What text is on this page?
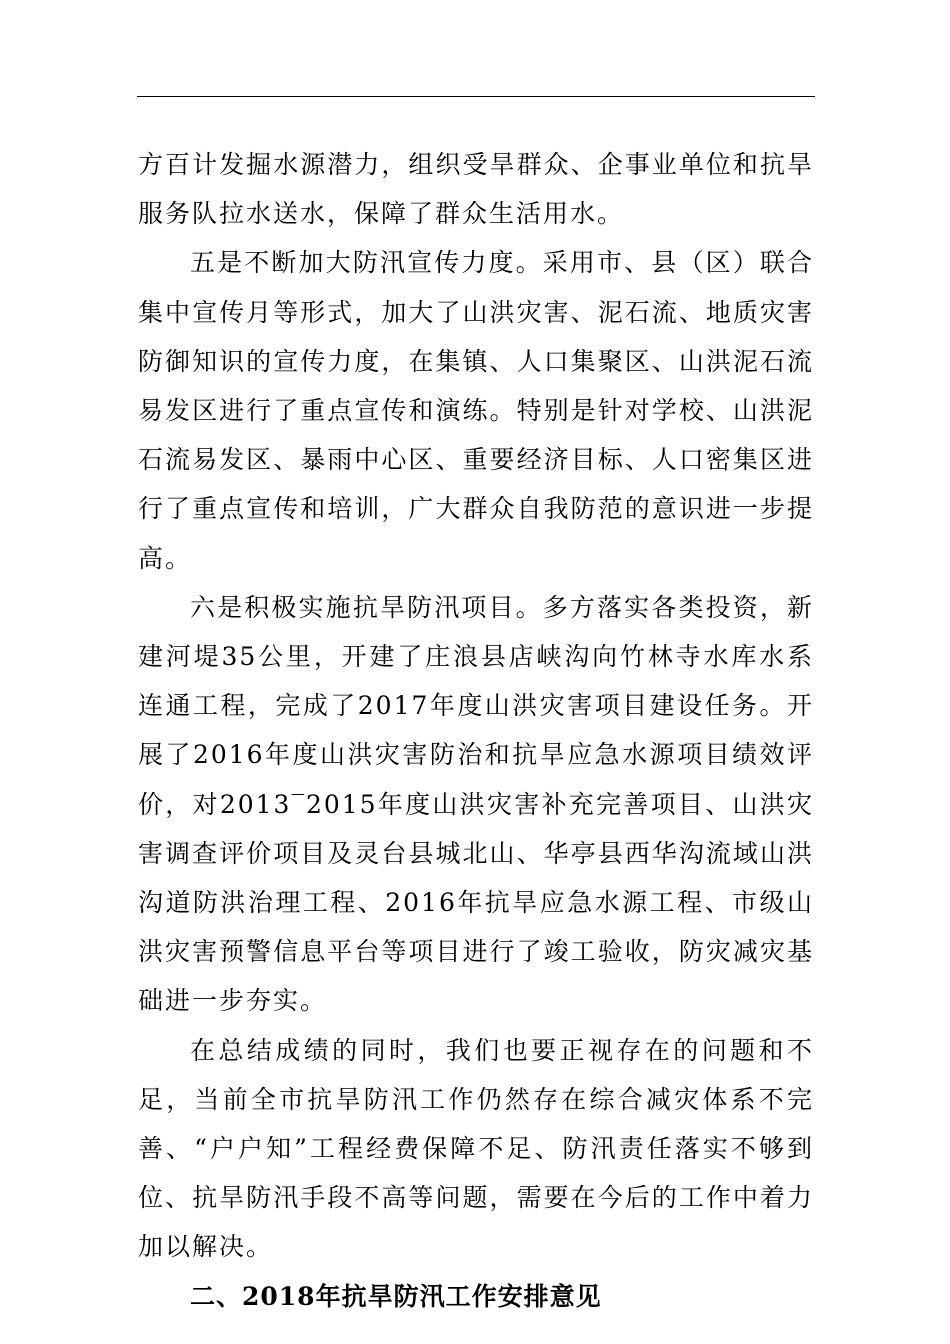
方百计发掘水源潜力，组织受旱群众、企事业单位和抗旱服务队拉水送水，保障了群众生活用水。

五是不断加大防汛宣传力度。采用市、县（区）联合集中宣传月等形式，加大了山洪灾害、泥石流、地质灾害防御知识的宣传力度，在集镇、人口集聚区、山洪泥石流易发区进行了重点宣传和演练。特别是针对学校、山洪泥石流易发区、暴雨中心区、重要经济目标、人口密集区进行了重点宣传和培训，广大群众自我防范的意识进一步提高。

六是积极实施抗旱防汛项目。多方落实各类投资，新建河堤35公里，开建了庄浪县店峡沟向竹林寺水库水系连通工程，完成了2017年度山洪灾害项目建设任务。开展了2016年度山洪灾害防治和抗旱应急水源项目绩效评价，对2013‾2015年度山洪灾害补充完善项目、山洪灾害调查评价项目及灵台县城北山、华亭县西华沟流域山洪沟道防洪治理工程、2016年抗旱应急水源工程、市级山洪灾害预警信息平台等项目进行了竣工验收，防灾减灾基础进一步夯实。

在总结成绩的同时，我们也要正视存在的问题和不足，当前全市抗旱防汛工作仍然存在综合减灾体系不完善、“户户知”工程经费保障不足、防汛责任落实不够到位、抗旱防汛手段不高等问题，需要在今后的工作中着力加以解决。

二、2018年抗旱防汛工作安排意见
